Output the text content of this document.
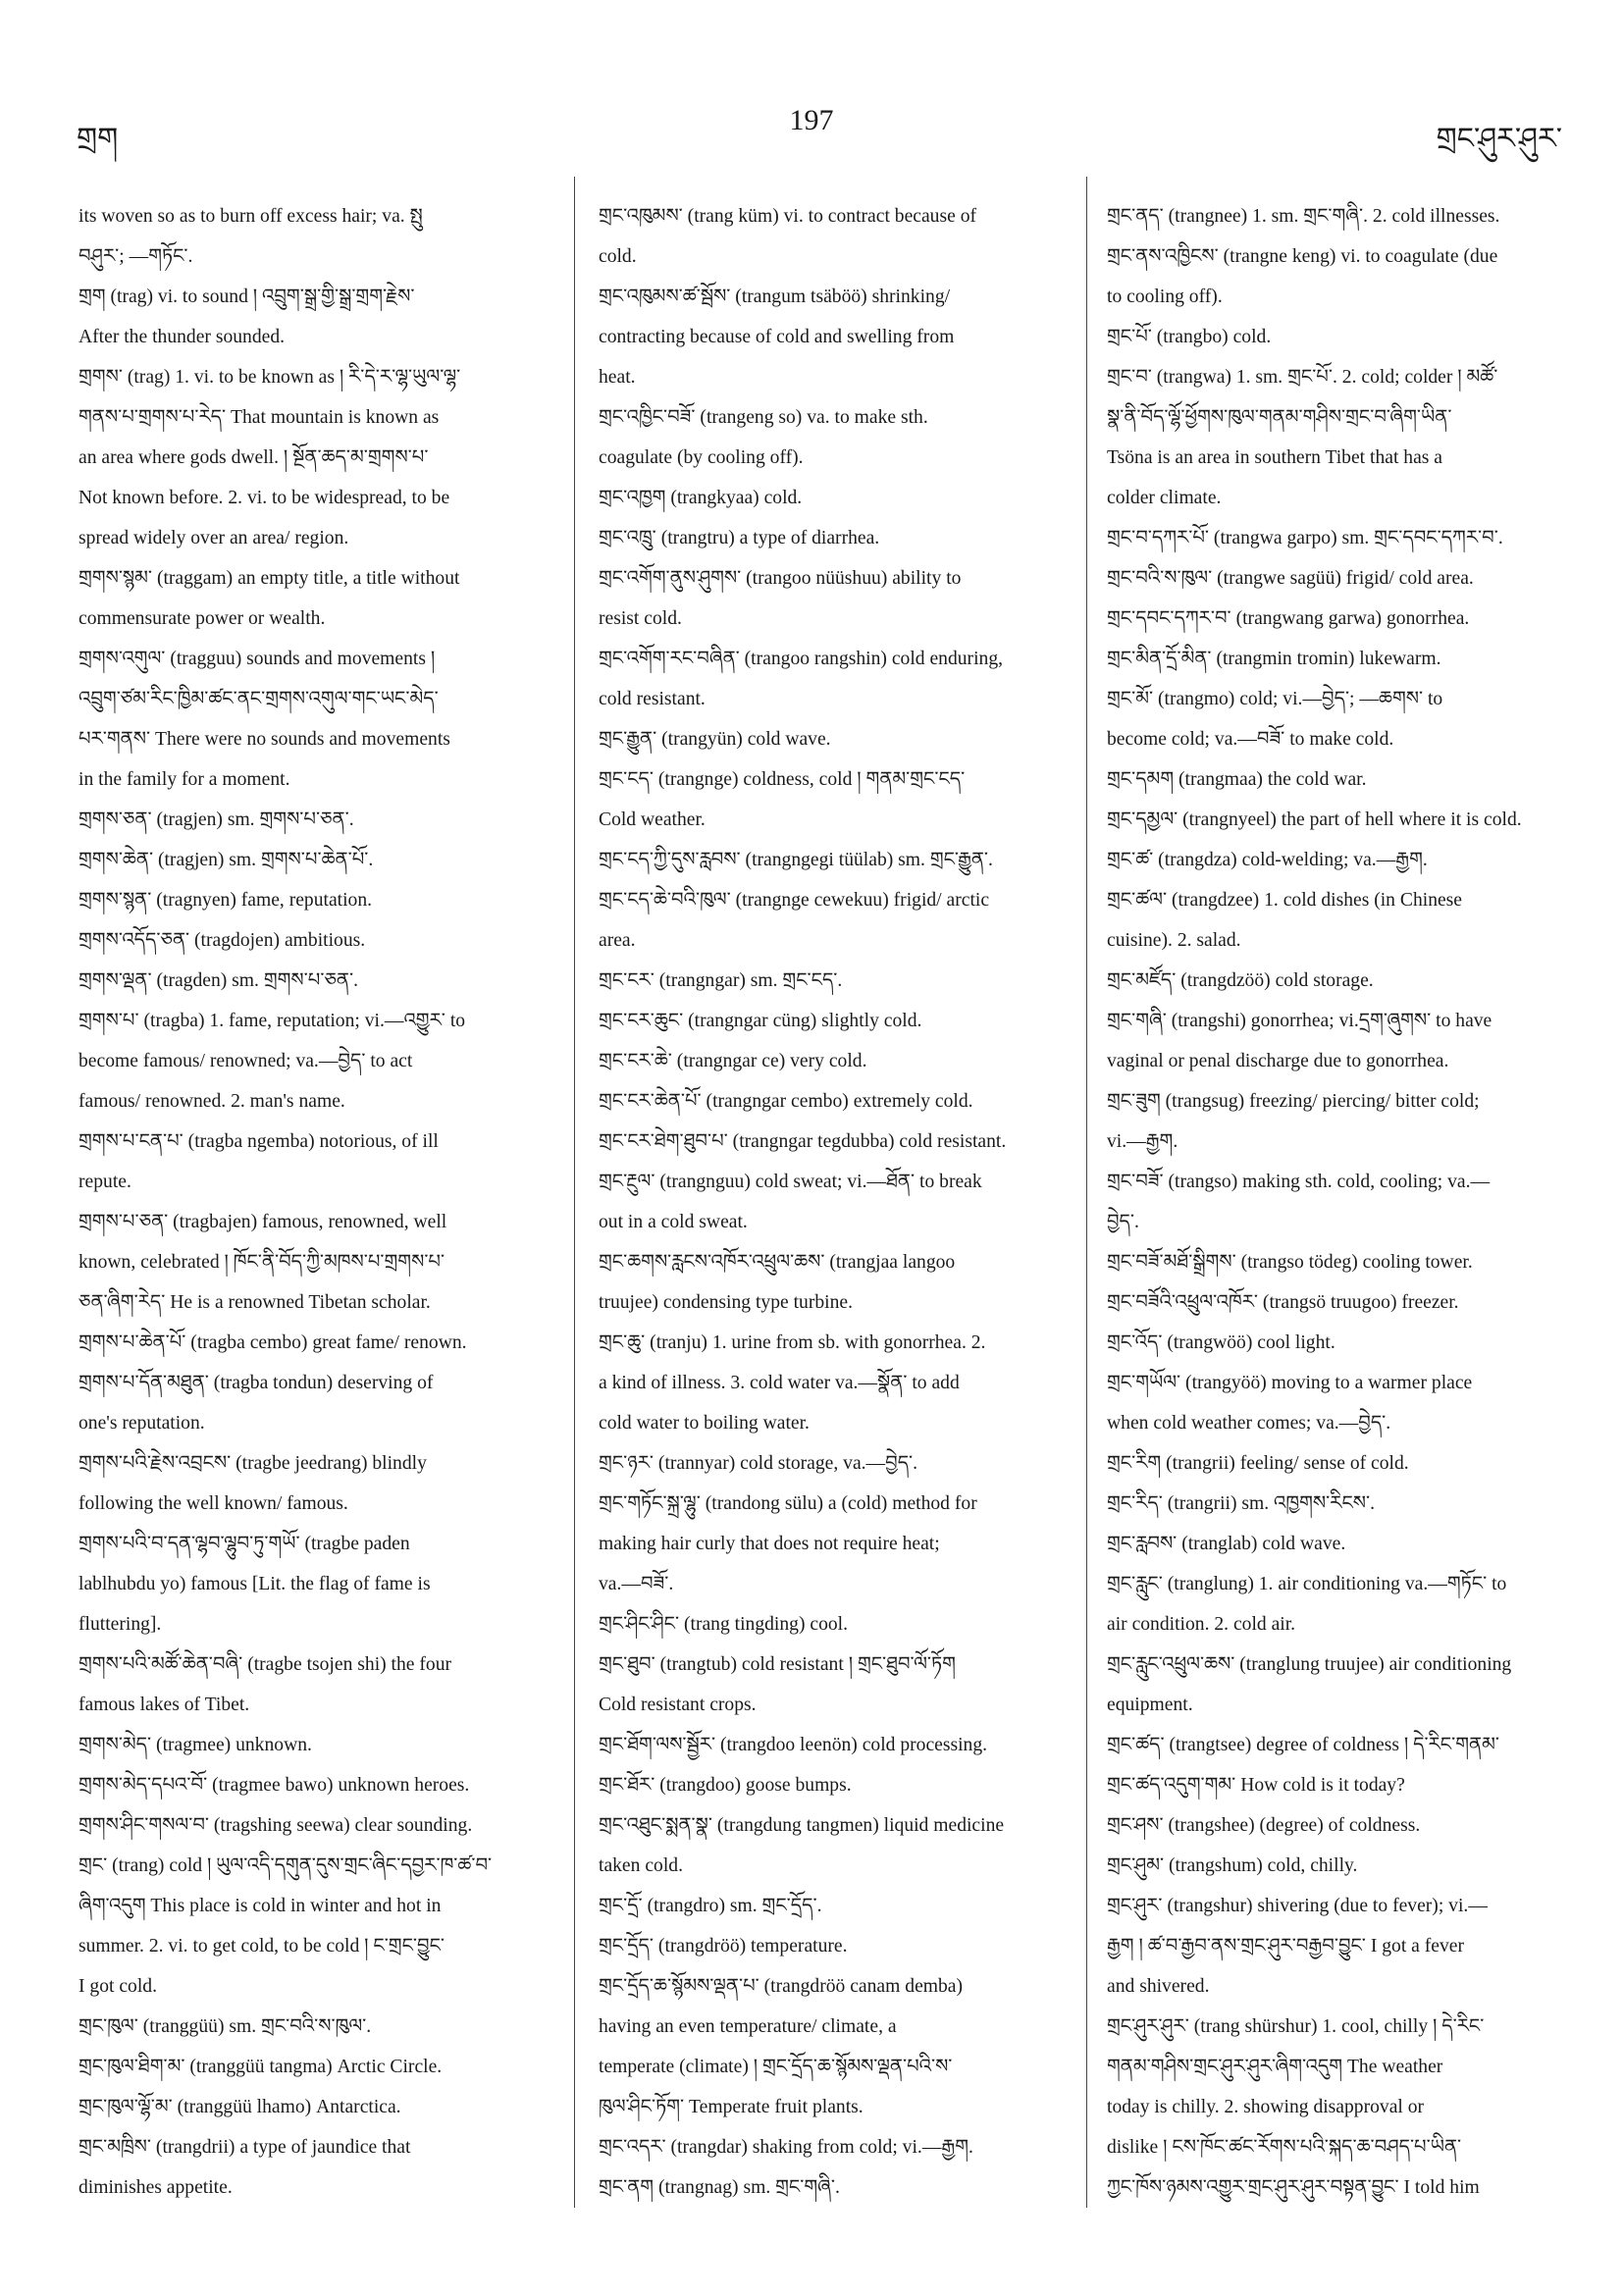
གྲག
197
གྲང་ཤུར་ཤུར་

its woven so as to burn off excess hair; va. སྤུ
བཤུར་; —གཏོང་.

གྲག (trag) vi. to sound ། འབྲུག་སྒྲ་གྱི་སྒྲ་གྲག་རྗེས་
After the thunder sounded.

གྲགས་ (trag) 1. vi. to be known as ། རི་དེ་ར་ལྷ་ཡུལ་ལྷ་
གནས་པ་གྲགས་པ་རེད་ That mountain is known as
an area where gods dwell. ། སྔོན་ཆད་མ་གྲགས་པ་
Not known before. 2. vi. to be widespread, to be
spread widely over an area/ region.

གྲགས་སྙམ་ (traggam) an empty title, a title without
commensurate power or wealth.

གྲགས་འགུལ་ (tragguu) sounds and movements །
འབྲུག་ཙམ་རིང་ཁྱིམ་ཚང་ནང་གྲགས་འགུལ་གང་ཡང་མེད་
པར་གནས་ There were no sounds and movements
in the family for a moment.

གྲགས་ཅན་ (tragjen) sm. གྲགས་པ་ཅན་.

གྲགས་ཆེན་ (tragjen) sm. གྲགས་པ་ཆེན་པོ་.

གྲགས་སྙན་ (tragnyen) fame, reputation.

གྲགས་འདོད་ཅན་ (tragdojen) ambitious.

གྲགས་ལྡན་ (tragden) sm. གྲགས་པ་ཅན་.

གྲགས་པ་ (tragba) 1. fame, reputation; vi.—འགྱུར་ to
become famous/ renowned; va.—བྱེད་ to act
famous/ renowned. 2. man's name.

གྲགས་པ་ངན་པ་ (tragba ngemba) notorious, of ill
repute.

གྲགས་པ་ཅན་ (tragbajen) famous, renowned, well
known, celebrated ། ཁོང་ནི་བོད་ཀྱི་མཁས་པ་གྲགས་པ་
ཅན་ཞིག་རེད་ He is a renowned Tibetan scholar.

གྲགས་པ་ཆེན་པོ་ (tragba cembo) great fame/ renown.

གྲགས་པ་དོན་མཐུན་ (tragba tondun) deserving of
one's reputation.

གྲགས་པའི་རྗེས་འབྲངས་ (tragbe jeedrang) blindly
following the well known/ famous.

གྲགས་པའི་བ་དན་ལྷབ་ལྷུབ་ཏུ་གཡོ་ (tragbe paden
lablhubdu yo) famous [Lit. the flag of fame is
fluttering].

གྲགས་པའི་མཚོ་ཆེན་བཞི་ (tragbe tsojen shi) the four
famous lakes of Tibet.

གྲགས་མེད་ (tragmee) unknown.

གྲགས་མེད་དཔའ་བོ་ (tragmee bawo) unknown heroes.

གྲགས་ཤིང་གསལ་བ་ (tragshing seewa) clear sounding.

གྲང་ (trang) cold ། ཡུལ་འདི་དགུན་དུས་གྲང་ཞིང་དབྱར་ཁ་ཚ་བ་
ཞིག་འདུག This place is cold in winter and hot in
summer. 2. vi. to get cold, to be cold ། ང་གྲང་བྱུང་
I got cold.

གྲང་ཁུལ་ (tranggüü) sm. གྲང་བའི་ས་ཁུལ་.

གྲང་ཁུལ་ཐིག་མ་ (tranggüü tangma) Arctic Circle.

གྲང་ཁུལ་ལྷོ་མ་ (tranggüü lhamo) Antarctica.

གྲང་མཁྲིས་ (trangdrii) a type of jaundice that
diminishes appetite.

གྲང་འཁུམས་ (trang küm) vi. to contract because of
cold.

གྲང་འཁུམས་ཚ་སྦོས་ (trangum tsäböö) shrinking/
contracting because of cold and swelling from
heat.

གྲང་འཁྱིང་བཟོ་ (trangeng so) va. to make sth.
coagulate (by cooling off).

གྲང་འཁྱག (trangkyaa) cold.

གྲང་འཁྲུ་ (trangtru) a type of diarrhea.

གྲང་འགོག་ནུས་ཤུགས་ (trangoo nüüshuu) ability to
resist cold.

གྲང་འགོག་རང་བཞིན་ (trangoo rangshin) cold enduring,
cold resistant.

གྲང་རྒྱུན་ (trangyün) cold wave.

གྲང་ངད་ (trangnge) coldness, cold ། གནམ་གྲང་ངད་
Cold weather.

གྲང་ངད་ཀྱི་དུས་རླབས་ (trangngegi tüülab) sm. གྲང་རྒྱུན་.

གྲང་ངད་ཆེ་བའི་ཁུལ་ (trangnge cewekuu) frigid/ arctic
area.

གྲང་ངར་ (trangngar) sm. གྲང་ངད་.

གྲང་ངར་ཆུང་ (trangngar cüng) slightly cold.

གྲང་ངར་ཆེ་ (trangngar ce) very cold.

གྲང་ངར་ཆེན་པོ་ (trangngar cembo) extremely cold.

གྲང་ངར་ཐེག་ཐུབ་པ་ (trangngar tegdubba) cold resistant.

གྲང་རྔུལ་ (trangnguu) cold sweat; vi.—ཐོན་ to break
out in a cold sweat.

གྲང་ཆགས་རླངས་འཁོར་འཕྲུལ་ཆས་ (trangjaa langoo
truujee) condensing type turbine.

གྲང་ཆུ་ (tranju) 1. urine from sb. with gonorrhea. 2.
a kind of illness. 3. cold water va.—སྣོན་ to add
cold water to boiling water.

གྲང་ཉར་ (trannyar) cold storage, va.—བྱེད་.

གྲང་གཏོང་སྐྲ་ལྷུ་ (trandong sülu) a (cold) method for
making hair curly that does not require heat;
va.—བཟོ་.

གྲང་ཤིང་ཤིང་ (trang tingding) cool.

གྲང་ཐུབ་ (trangtub) cold resistant ། གྲང་ཐུབ་ལོ་ཏོག
Cold resistant crops.

གྲང་ཐོག་ལས་སྦྱོར་ (trangdoo leenön) cold processing.

གྲང་ཐོར་ (trangdoo) goose bumps.

གྲང་འཐུང་སྨན་སྣ་ (trangdung tangmen) liquid medicine
taken cold.

གྲང་དྲོ་ (trangdro) sm. གྲང་དྲོད་.

གྲང་དྲོད་ (trangdröö) temperature.

གྲང་དྲོད་ཆ་སྙོམས་ལྡན་པ་ (trangdröö canam demba)
having an even temperature/ climate, a
temperate (climate) ། གྲང་དྲོད་ཆ་སྙོམས་ལྡན་པའི་ས་
ཁུལ་ཤིང་ཏོག་ Temperate fruit plants.

གྲང་འདར་ (trangdar) shaking from cold; vi.—རྒྱག.

གྲང་ནག (trangnag) sm. གྲང་གཞི་.

གྲང་ནད་ (trangnee) 1. sm. གྲང་གཞི་. 2. cold illnesses.

གྲང་ནས་འཁྱིངས་ (trangne keng) vi. to coagulate (due
to cooling off).

གྲང་པོ་ (trangbo) cold.

གྲང་བ་ (trangwa) 1. sm. གྲང་པོ་. 2. cold; colder ། མཚོ་
སྣ་ནི་བོད་ལྷོ་ཕྱོགས་ཁུལ་གནམ་གཤིས་གྲང་བ་ཞིག་ཡིན་
Tsöna is an area in southern Tibet that has a
colder climate.

གྲང་བ་དཀར་པོ་ (trangwa garpo) sm. གྲང་དབང་དཀར་བ་.

གྲང་བའི་ས་ཁུལ་ (trangwe sagüü) frigid/ cold area.

གྲང་དབང་དཀར་བ་ (trangwang garwa) gonorrhea.

གྲང་མིན་དྲོ་མིན་ (trangmin tromin) lukewarm.

གྲང་མོ་ (trangmo) cold; vi.—བྱེད་; —ཆགས་ to
become cold; va.—བཟོ་ to make cold.

གྲང་དམག (trangmaa) the cold war.

གྲང་དམྱལ་ (trangnyeel) the part of hell where it is cold.

གྲང་ཚ་ (trangdza) cold-welding; va.—རྒྱག.

གྲང་ཚལ་ (trangdzee) 1. cold dishes (in Chinese
cuisine). 2. salad.

གྲང་མཛོད་ (trangdzöö) cold storage.

གྲང་གཞི་ (trangshi) gonorrhea; vi.དྲག་ཞུགས་ to have
vaginal or penal discharge due to gonorrhea.

གྲང་ཟུག (trangsug) freezing/ piercing/ bitter cold;
vi.—རྒྱག.

གྲང་བཟོ་ (trangso) making sth. cold, cooling; va.—
བྱེད་.

གྲང་བཟོ་མཐོ་སྒྲིགས་ (trangso tödeg) cooling tower.

གྲང་བཟོའི་འཕྲུལ་འཁོར་ (trangsö truugoo) freezer.

གྲང་འོད་ (trangwöö) cool light.

གྲང་གཡོལ་ (trangyöö) moving to a warmer place
when cold weather comes; va.—བྱེད་.

གྲང་རིག (trangrii) feeling/ sense of cold.

གྲང་རིད་ (trangrii) sm. འཁྱགས་རིངས་.

གྲང་རླབས་ (tranglab) cold wave.

གྲང་རླུང་ (tranglung) 1. air conditioning va.—གཏོང་ to
air condition. 2. cold air.

གྲང་རླུང་འཕྲུལ་ཆས་ (tranglung truujee) air conditioning
equipment.

གྲང་ཚད་ (trangtsee) degree of coldness ། དེ་རིང་གནམ་
གྲང་ཚད་འདུག་གམ་ How cold is it today?

གྲང་ཤས་ (trangshee) (degree) of coldness.

གྲང་ཤུམ་ (trangshum) cold, chilly.

གྲང་ཤུར་ (trangshur) shivering (due to fever); vi.—
རྒྱག ། ཚ་བ་རྒྱབ་ནས་གྲང་ཤུར་བརྒྱབ་བྱུང་ I got a fever
and shivered.

གྲང་ཤུར་ཤུར་ (trang shürshur) 1. cool, chilly ། དེ་རིང་
གནམ་གཤིས་གྲང་ཤུར་ཤུར་ཞིག་འདུག The weather
today is chilly. 2. showing disapproval or
dislike ། ངས་ཁོང་ཚང་རོགས་པའི་སྐད་ཆ་བཤད་པ་ཡིན་
ཀྱང་ཁོས་ཉམས་འགྱུར་གྲང་ཤུར་ཤུར་བསྟན་བྱུང་ I told him
